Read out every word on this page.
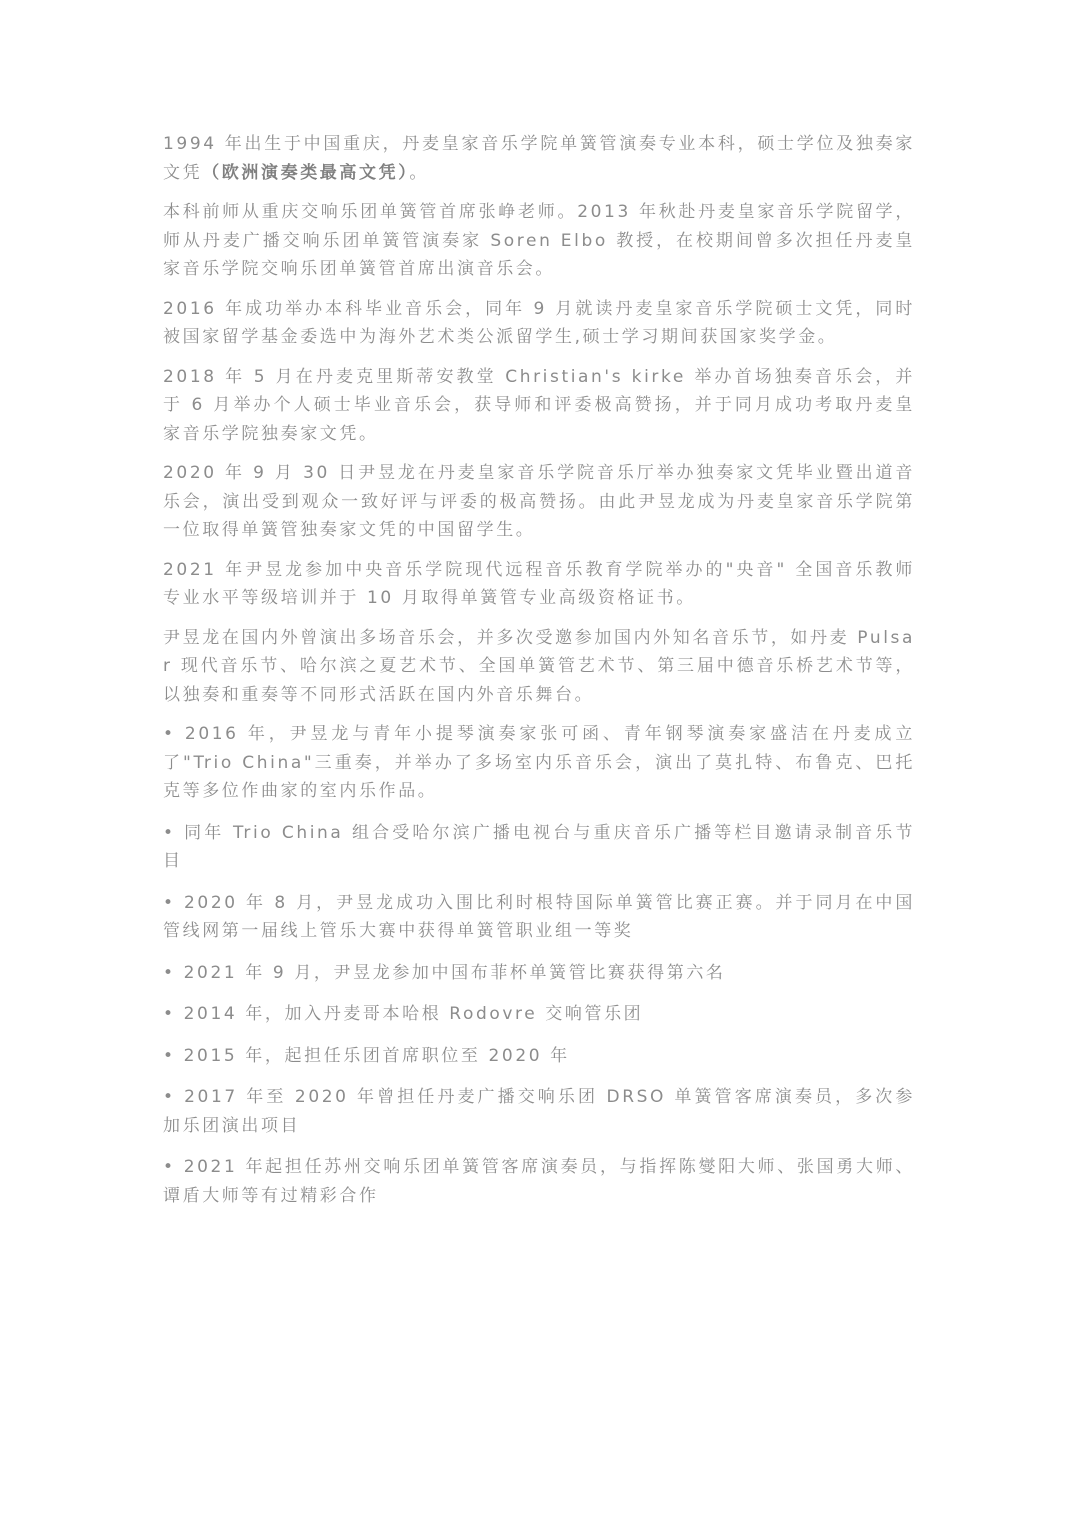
1994 年出生于中国重庆，丹麦皇家音乐学院单簧管演奏专业本科，硕士学位及独奏家文凭（欧洲演奏类最高文凭）。

本科前师从重庆交响乐团单簧管首席张峥老师。2013 年秋赴丹麦皇家音乐学院留学，师从丹麦广播交响乐团单簧管演奏家 Soren Elbo 教授，在校期间曾多次担任丹麦皇家音乐学院交响乐团单簧管首席出演音乐会。

2016 年成功举办本科毕业音乐会，同年 9 月就读丹麦皇家音乐学院硕士文凭，同时被国家留学基金委选中为海外艺术类公派留学生,硕士学习期间获国家奖学金。

2018 年 5 月在丹麦克里斯蒂安教堂 Christian's kirke 举办首场独奏音乐会，并于 6 月举办个人硕士毕业音乐会，获导师和评委极高赞扬，并于同月成功考取丹麦皇家音乐学院独奏家文凭。

2020 年 9 月 30 日尹昱龙在丹麦皇家音乐学院音乐厅举办独奏家文凭毕业暨出道音乐会，演出受到观众一致好评与评委的极高赞扬。由此尹昱龙成为丹麦皇家音乐学院第一位取得单簧管独奏家文凭的中国留学生。

2021 年尹昱龙参加中央音乐学院现代远程音乐教育学院举办的"央音" 全国音乐教师专业水平等级培训并于 10 月取得单簧管专业高级资格证书。

尹昱龙在国内外曾演出多场音乐会，并多次受邀参加国内外知名音乐节，如丹麦 Pulsar 现代音乐节、哈尔滨之夏艺术节、全国单簧管艺术节、第三届中德音乐桥艺术节等，以独奏和重奏等不同形式活跃在国内外音乐舞台。

• 2016 年，尹昱龙与青年小提琴演奏家张可函、青年钢琴演奏家盛洁在丹麦成立了"Trio China"三重奏，并举办了多场室内乐音乐会，演出了莫扎特、布鲁克、巴托克等多位作曲家的室内乐作品。

• 同年 Trio China 组合受哈尔滨广播电视台与重庆音乐广播等栏目邀请录制音乐节目

• 2020 年 8 月，尹昱龙成功入围比利时根特国际单簧管比赛正赛。并于同月在中国管线网第一届线上管乐大赛中获得单簧管职业组一等奖

• 2021 年 9 月，尹昱龙参加中国布菲杯单簧管比赛获得第六名

• 2014 年，加入丹麦哥本哈根 Rodovre 交响管乐团

• 2015 年，起担任乐团首席职位至 2020 年

• 2017 年至 2020 年曾担任丹麦广播交响乐团 DRSO 单簧管客席演奏员，多次参加乐团演出项目

• 2021 年起担任苏州交响乐团单簧管客席演奏员，与指挥陈燮阳大师、张国勇大师、谭盾大师等有过精彩合作
